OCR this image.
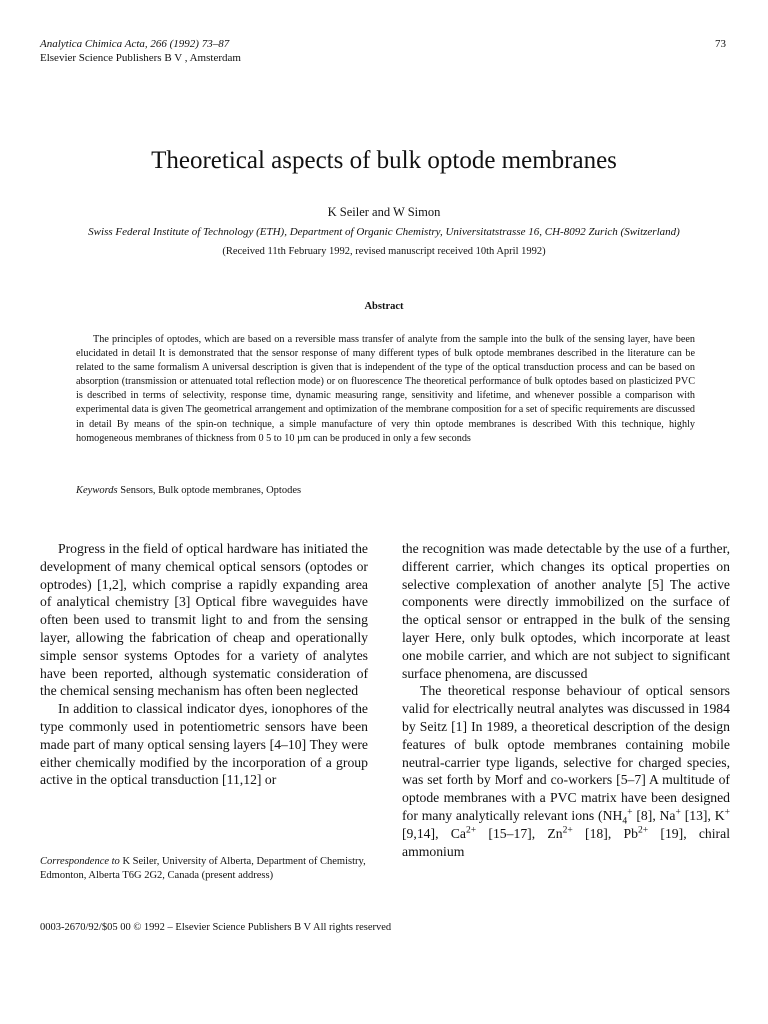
Analytica Chimica Acta, 266 (1992) 73–87
Elsevier Science Publishers B V , Amsterdam
73
Theoretical aspects of bulk optode membranes
K Seiler and W Simon
Swiss Federal Institute of Technology (ETH), Department of Organic Chemistry, Universitatstrasse 16, CH-8092 Zurich (Switzerland)
(Received 11th February 1992, revised manuscript received 10th April 1992)
Abstract
The principles of optodes, which are based on a reversible mass transfer of analyte from the sample into the bulk of the sensing layer, have been elucidated in detail It is demonstrated that the sensor response of many different types of bulk optode membranes described in the literature can be related to the same formalism A universal description is given that is independent of the type of the optical transduction process and can be based on absorption (transmission or attenuated total reflection mode) or on fluorescence The theoretical performance of bulk optodes based on plasticized PVC is described in terms of selectivity, response time, dynamic measuring range, sensitivity and lifetime, and whenever possible a comparison with experimental data is given The geometrical arrangement and optimization of the membrane composition for a set of specific requirements are discussed in detail By means of the spin-on technique, a simple manufacture of very thin optode membranes is described With this technique, highly homogeneous membranes of thickness from 0 5 to 10 µm can be produced in only a few seconds
Keywords Sensors, Bulk optode membranes, Optodes

Progress in the field of optical hardware has initiated the development of many chemical optical sensors (optodes or optrodes) [1,2], which comprise a rapidly expanding area of analytical chemistry [3] Optical fibre waveguides have often been used to transmit light to and from the sensing layer, allowing the fabrication of cheap and operationally simple sensor systems Optodes for a variety of analytes have been reported, although systematic consideration of the chemical sensing mechanism has often been neglected

In addition to classical indicator dyes, ionophores of the type commonly used in potentiometric sensors have been made part of many optical sensing layers [4–10] They were either chemically modified by the incorporation of a group active in the optical transduction [11,12] or

the recognition was made detectable by the use of a further, different carrier, which changes its optical properties on selective complexation of another analyte [5] The active components were directly immobilized on the surface of the optical sensor or entrapped in the bulk of the sensing layer Here, only bulk optodes, which incorporate at least one mobile carrier, and which are not subject to significant surface phenomena, are discussed

The theoretical response behaviour of optical sensors valid for electrically neutral analytes was discussed in 1984 by Seitz [1] In 1989, a theoretical description of the design features of bulk optode membranes containing mobile neutral-carrier type ligands, selective for charged species, was set forth by Morf and co-workers [5–7] A multitude of optode membranes with a PVC matrix have been designed for many analytically relevant ions ($NH_4^+$ [8], Na+ [13], K+ [9,14], $Ca^{2+}$ [15–17], $Zn^{2+}$ [18], $Pb^{2+}$ [19], chiral ammonium

Correspondence to K Seiler, University of Alberta, Department of Chemistry, Edmonton, Alberta T6G 2G2, Canada (present address)
0003-2670/92/$05 00 © 1992 – Elsevier Science Publishers B V All rights reserved
